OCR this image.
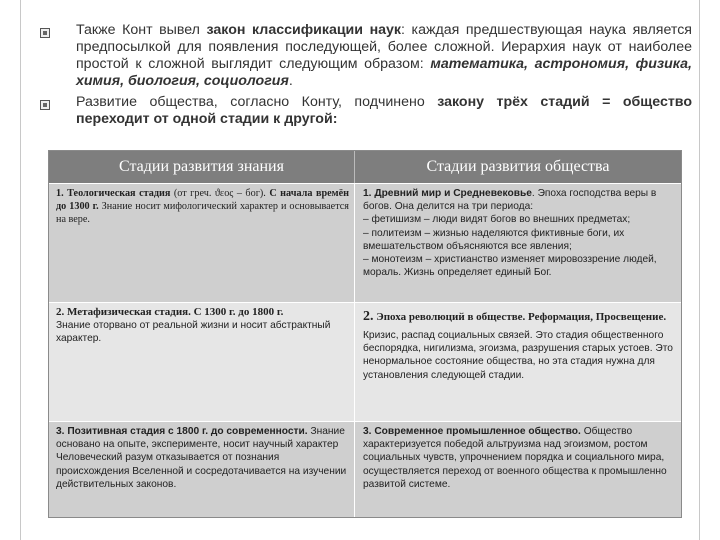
Также Конт вывел закон классификации наук: каждая предшествующая наука является предпосылкой для появления последующей, более сложной. Иерархия наук от наиболее простой к сложной выглядит следующим образом: математика, астрономия, физика, химия, биология, социология.
Развитие общества, согласно Конту, подчинено закону трёх стадий = общество переходит от одной стадии к другой:
Стадии развития знания	Стадии развития общества
1. Теологическая стадия (от греч. ϑεος – бог). С начала времён до 1300 г. Знание носит мифологический характер и основывается на вере.
1. Древний мир и Средневековье. Эпоха господства веры в богов. Она делится на три периода:
– фетишизм – люди видят богов во внешних предметах;
– политеизм – жизнью наделяются фиктивные боги, их вмешательством объясняются все явления;
– монотеизм – христианство изменяет мировоззрение людей, мораль. Жизнь определяет единый Бог.
2. Метафизическая стадия. С 1300 г. до 1800 г.
Знание оторвано от реальной жизни и носит абстрактный характер.
2. Эпоха революций в обществе. Реформация, Просвещение.
Кризис, распад социальных связей. Это стадия общественного беспорядка, нигилизма, эгоизма, разрушения старых устоев. Это ненормальное состояние общества, но эта стадия нужна для установления следующей стадии.
3. Позитивная стадия с 1800 г. до современности. Знание основано на опыте, эксперименте, носит научный характер Человеческий разум отказывается от познания происхождения Вселенной и сосредотачивается на изучении действительных законов.
3. Современное промышленное общество. Общество характеризуется победой альтруизма над эгоизмом, ростом социальных чувств, упрочнением порядка и социального мира, осуществляется переход от военного общества к промышленно развитой системе.
